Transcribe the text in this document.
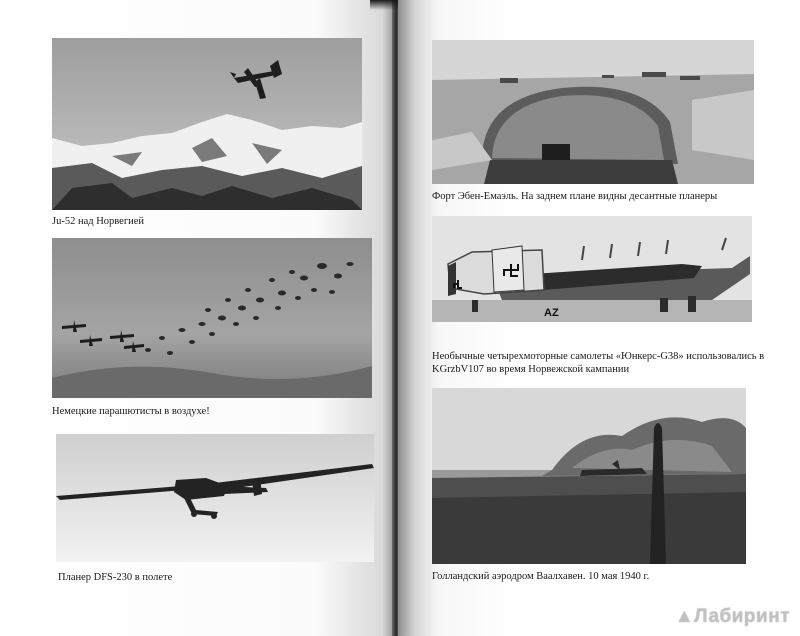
Ju-52 над Норвегией
Немецкие парашютисты в воздухе!
Планер DFS-230 в полете
Форт Эбен-Емаэль. На заднем плане видны десантные планеры
AZ
Необычные четырехмоторные самолеты «Юнкерс-G38» использовались в
KGrzbV107 во время Норвежской кампании
Голландский аэродром Ваалхавен. 10 мая 1940 г.
▲Лабиринт
